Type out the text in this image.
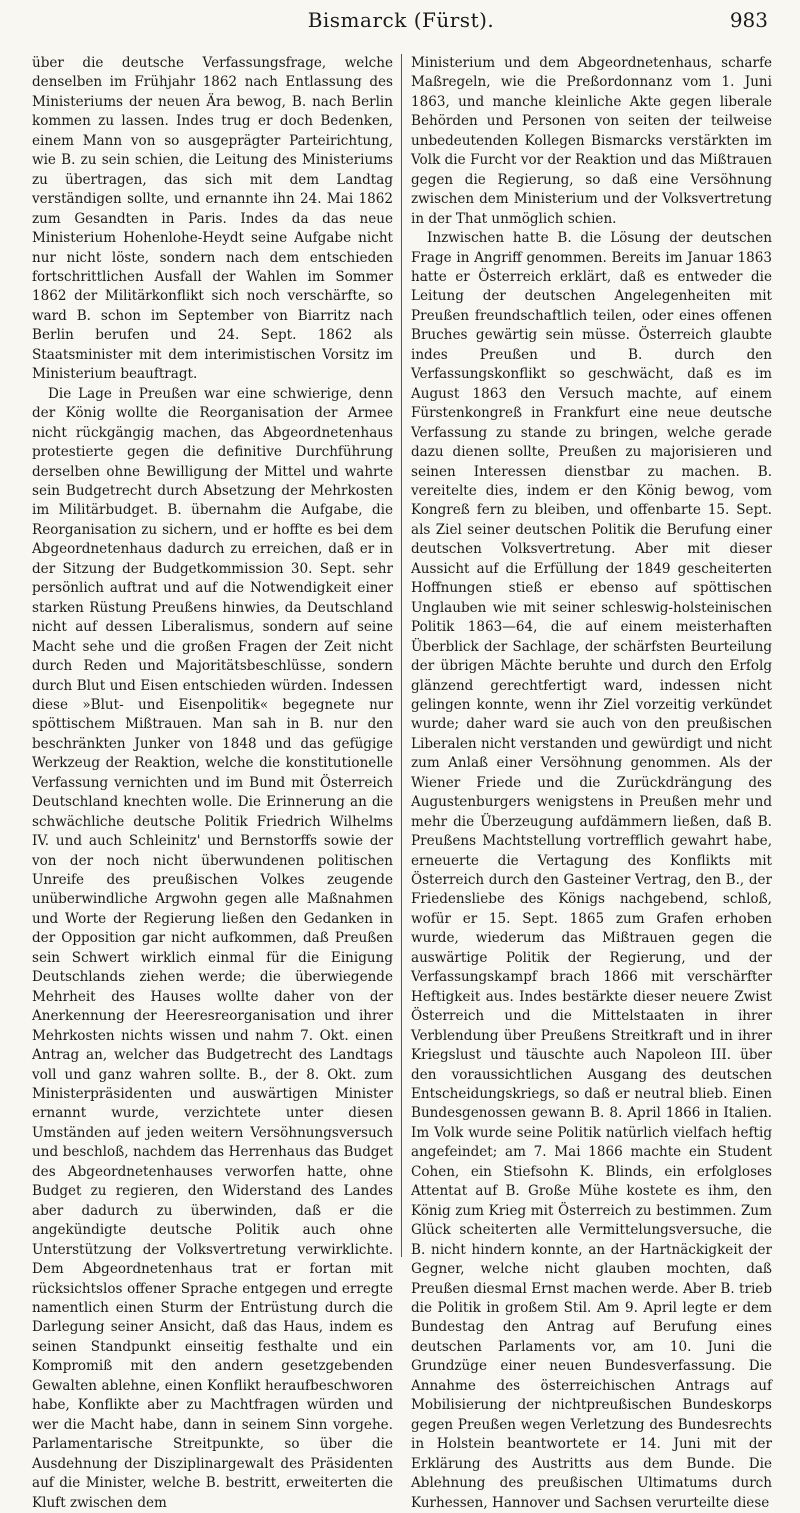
Bismarck (Fürst).	983

über die deutsche Verfassungsfrage, welche denselben im Frühjahr 1862 nach Entlassung des Ministeriums der neuen Ära bewog, B. nach Berlin kommen zu lassen. Indes trug er doch Bedenken, einem Mann von so ausgeprägter Parteirichtung, wie B. zu sein schien, die Leitung des Ministeriums zu übertragen, das sich mit dem Landtag verständigen sollte, und ernannte ihn 24. Mai 1862 zum Gesandten in Paris. Indes da das neue Ministerium Hohenlohe-Heydt seine Aufgabe nicht nur nicht löste, sondern nach dem entschieden fortschrittlichen Ausfall der Wahlen im Sommer 1862 der Militärkonflikt sich noch verschärfte, so ward B. schon im September von Biarritz nach Berlin berufen und 24. Sept. 1862 als Staatsminister mit dem interimistischen Vorsitz im Ministerium beauftragt.

Die Lage in Preußen war eine schwierige, denn der König wollte die Reorganisation der Armee nicht rückgängig machen, das Abgeordnetenhaus protestierte gegen die definitive Durchführung derselben ohne Bewilligung der Mittel und wahrte sein Budgetrecht durch Absetzung der Mehrkosten im Militärbudget. B. übernahm die Aufgabe, die Reorganisation zu sichern, und er hoffte es bei dem Abgeordnetenhaus dadurch zu erreichen, daß er in der Sitzung der Budgetkommission 30. Sept. sehr persönlich auftrat und auf die Notwendigkeit einer starken Rüstung Preußens hinwies, da Deutschland nicht auf dessen Liberalismus, sondern auf seine Macht sehe und die großen Fragen der Zeit nicht durch Reden und Majoritätsbeschlüsse, sondern durch Blut und Eisen entschieden würden. Indessen diese »Blut- und Eisenpolitik« begegnete nur spöttischem Mißtrauen. Man sah in B. nur den beschränkten Junker von 1848 und das gefügige Werkzeug der Reaktion, welche die konstitutionelle Verfassung vernichten und im Bund mit Österreich Deutschland knechten wolle. Die Erinnerung an die schwächliche deutsche Politik Friedrich Wilhelms IV. und auch Schleinitz' und Bernstorffs sowie der von der noch nicht überwundenen politischen Unreife des preußischen Volkes zeugende unüberwindliche Argwohn gegen alle Maßnahmen und Worte der Regierung ließen den Gedanken in der Opposition gar nicht aufkommen, daß Preußen sein Schwert wirklich einmal für die Einigung Deutschlands ziehen werde; die überwiegende Mehrheit des Hauses wollte daher von der Anerkennung der Heeresreorganisation und ihrer Mehrkosten nichts wissen und nahm 7. Okt. einen Antrag an, welcher das Budgetrecht des Landtags voll und ganz wahren sollte. B., der 8. Okt. zum Ministerpräsidenten und auswärtigen Minister ernannt wurde, verzichtete unter diesen Umständen auf jeden weitern Versöhnungsversuch und beschloß, nachdem das Herrenhaus das Budget des Abgeordnetenhauses verworfen hatte, ohne Budget zu regieren, den Widerstand des Landes aber dadurch zu überwinden, daß er die angekündigte deutsche Politik auch ohne Unterstützung der Volksvertretung verwirklichte. Dem Abgeordnetenhaus trat er fortan mit rücksichtslos offener Sprache entgegen und erregte namentlich einen Sturm der Entrüstung durch die Darlegung seiner Ansicht, daß das Haus, indem es seinen Standpunkt einseitig festhalte und ein Kompromiß mit den andern gesetzgebenden Gewalten ablehne, einen Konflikt heraufbeschworen habe, Konflikte aber zu Machtfragen würden und wer die Macht habe, dann in seinem Sinn vorgehe. Parlamentarische Streitpunkte, so über die Ausdehnung der Disziplinargewalt des Präsidenten auf die Minister, welche B. bestritt, erweiterten die Kluft zwischen dem

Ministerium und dem Abgeordnetenhaus, scharfe Maßregeln, wie die Preßordonnanz vom 1. Juni 1863, und manche kleinliche Akte gegen liberale Behörden und Personen von seiten der teilweise unbedeutenden Kollegen Bismarcks verstärkten im Volk die Furcht vor der Reaktion und das Mißtrauen gegen die Regierung, so daß eine Versöhnung zwischen dem Ministerium und der Volksvertretung in der That unmöglich schien.

Inzwischen hatte B. die Lösung der deutschen Frage in Angriff genommen. Bereits im Januar 1863 hatte er Österreich erklärt, daß es entweder die Leitung der deutschen Angelegenheiten mit Preußen freundschaftlich teilen, oder eines offenen Bruches gewärtig sein müsse. Österreich glaubte indes Preußen und B. durch den Verfassungskonflikt so geschwächt, daß es im August 1863 den Versuch machte, auf einem Fürstenkongreß in Frankfurt eine neue deutsche Verfassung zu stande zu bringen, welche gerade dazu dienen sollte, Preußen zu majorisieren und seinen Interessen dienstbar zu machen. B. vereitelte dies, indem er den König bewog, vom Kongreß fern zu bleiben, und offenbarte 15. Sept. als Ziel seiner deutschen Politik die Berufung einer deutschen Volksvertretung. Aber mit dieser Aussicht auf die Erfüllung der 1849 gescheiterten Hoffnungen stieß er ebenso auf spöttischen Unglauben wie mit seiner schleswig-holsteinischen Politik 1863—64, die auf einem meisterhaften Überblick der Sachlage, der schärfsten Beurteilung der übrigen Mächte beruhte und durch den Erfolg glänzend gerechtfertigt ward, indessen nicht gelingen konnte, wenn ihr Ziel vorzeitig verkündet wurde; daher ward sie auch von den preußischen Liberalen nicht verstanden und gewürdigt und nicht zum Anlaß einer Versöhnung genommen. Als der Wiener Friede und die Zurückdrängung des Augustenburgers wenigstens in Preußen mehr und mehr die Überzeugung aufdämmern ließen, daß B. Preußens Machtstellung vortrefflich gewahrt habe, erneuerte die Vertagung des Konflikts mit Österreich durch den Gasteiner Vertrag, den B., der Friedensliebe des Königs nachgebend, schloß, wofür er 15. Sept. 1865 zum Grafen erhoben wurde, wiederum das Mißtrauen gegen die auswärtige Politik der Regierung, und der Verfassungskampf brach 1866 mit verschärfter Heftigkeit aus. Indes bestärkte dieser neuere Zwist Österreich und die Mittelstaaten in ihrer Verblendung über Preußens Streitkraft und in ihrer Kriegslust und täuschte auch Napoleon III. über den voraussichtlichen Ausgang des deutschen Entscheidungskriegs, so daß er neutral blieb. Einen Bundesgenossen gewann B. 8. April 1866 in Italien. Im Volk wurde seine Politik natürlich vielfach heftig angefeindet; am 7. Mai 1866 machte ein Student Cohen, ein Stiefsohn K. Blinds, ein erfolgloses Attentat auf B. Große Mühe kostete es ihm, den König zum Krieg mit Österreich zu bestimmen. Zum Glück scheiterten alle Vermittelungsversuche, die B. nicht hindern konnte, an der Hartnäckigkeit der Gegner, welche nicht glauben mochten, daß Preußen diesmal Ernst machen werde. Aber B. trieb die Politik in großem Stil. Am 9. April legte er dem Bundestag den Antrag auf Berufung eines deutschen Parlaments vor, am 10. Juni die Grundzüge einer neuen Bundesverfassung. Die Annahme des österreichischen Antrags auf Mobilisierung der nichtpreußischen Bundeskorps gegen Preußen wegen Verletzung des Bundesrechts in Holstein beantwortete er 14. Juni mit der Erklärung des Austritts aus dem Bunde. Die Ablehnung des preußischen Ultimatums durch Kurhessen, Hannover und Sachsen verurteilte diese
